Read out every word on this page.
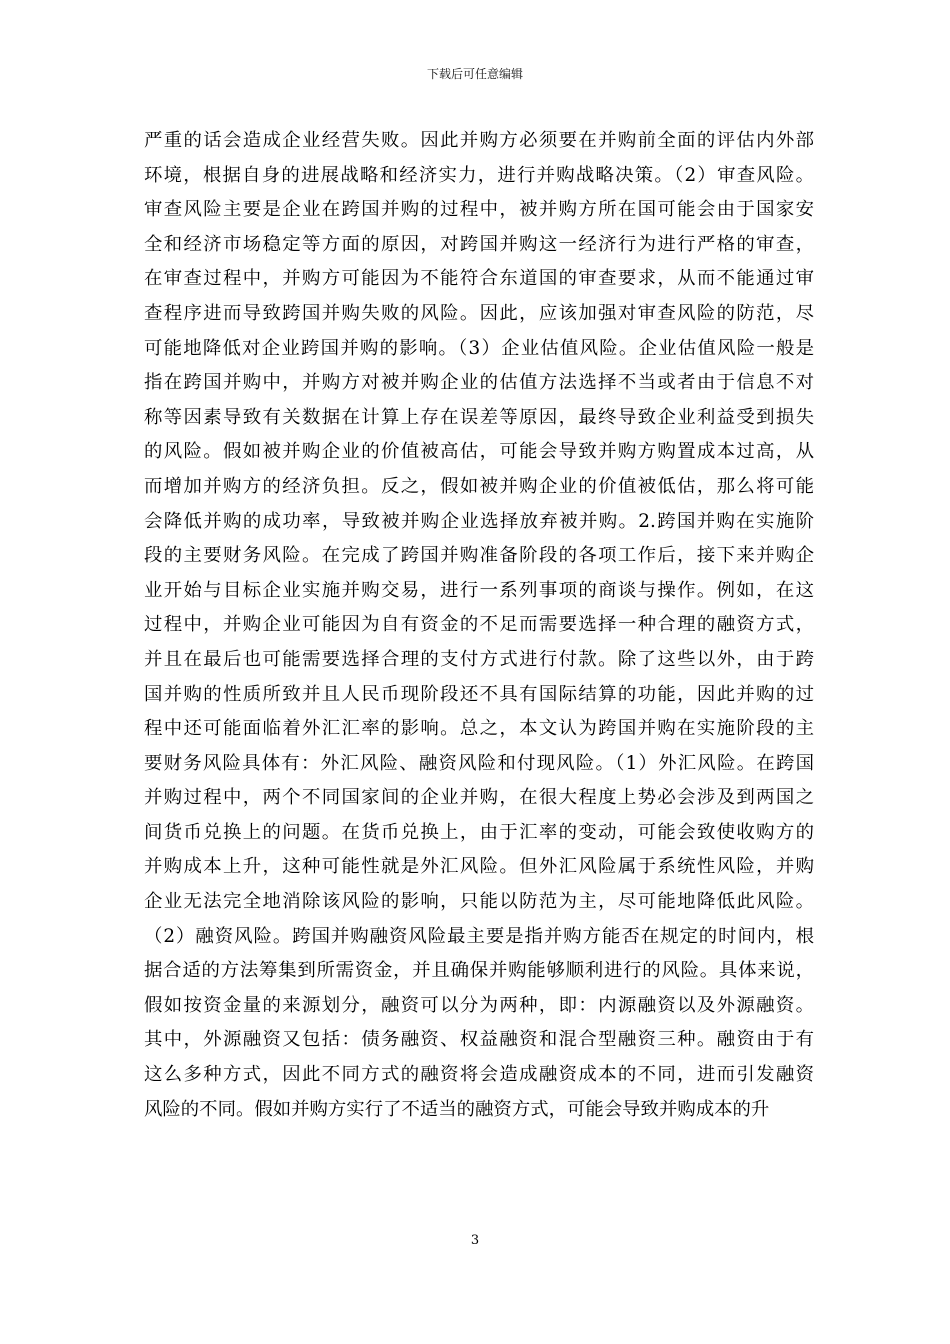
下载后可任意编辑
严重的话会造成企业经营失败。因此并购方必须要在并购前全面的评估内外部
环境，根据自身的进展战略和经济实力，进行并购战略决策。（2）审查风险。
审查风险主要是企业在跨国并购的过程中，被并购方所在国可能会由于国家安
全和经济市场稳定等方面的原因，对跨国并购这一经济行为进行严格的审查，
在审查过程中，并购方可能因为不能符合东道国的审查要求，从而不能通过审
查程序进而导致跨国并购失败的风险。因此，应该加强对审查风险的防范，尽
可能地降低对企业跨国并购的影响。（3）企业估值风险。企业估值风险一般是
指在跨国并购中，并购方对被并购企业的估值方法选择不当或者由于信息不对
称等因素导致有关数据在计算上存在误差等原因，最终导致企业利益受到损失
的风险。假如被并购企业的价值被高估，可能会导致并购方购置成本过高，从
而增加并购方的经济负担。反之，假如被并购企业的价值被低估，那么将可能
会降低并购的成功率，导致被并购企业选择放弃被并购。2.跨国并购在实施阶
段的主要财务风险。在完成了跨国并购准备阶段的各项工作后，接下来并购企
业开始与目标企业实施并购交易，进行一系列事项的商谈与操作。例如，在这
过程中，并购企业可能因为自有资金的不足而需要选择一种合理的融资方式，
并且在最后也可能需要选择合理的支付方式进行付款。除了这些以外，由于跨
国并购的性质所致并且人民币现阶段还不具有国际结算的功能，因此并购的过
程中还可能面临着外汇汇率的影响。总之，本文认为跨国并购在实施阶段的主
要财务风险具体有：外汇风险、融资风险和付现风险。（1）外汇风险。在跨国
并购过程中，两个不同国家间的企业并购，在很大程度上势必会涉及到两国之
间货币兑换上的问题。在货币兑换上，由于汇率的变动，可能会致使收购方的
并购成本上升，这种可能性就是外汇风险。但外汇风险属于系统性风险，并购
企业无法完全地消除该风险的影响，只能以防范为主，尽可能地降低此风险。
（2）融资风险。跨国并购融资风险最主要是指并购方能否在规定的时间内，根
据合适的方法筹集到所需资金，并且确保并购能够顺利进行的风险。具体来说，
假如按资金量的来源划分，融资可以分为两种，即：内源融资以及外源融资。
其中，外源融资又包括：债务融资、权益融资和混合型融资三种。融资由于有
这么多种方式，因此不同方式的融资将会造成融资成本的不同，进而引发融资
风险的不同。假如并购方实行了不适当的融资方式，可能会导致并购成本的升
3
